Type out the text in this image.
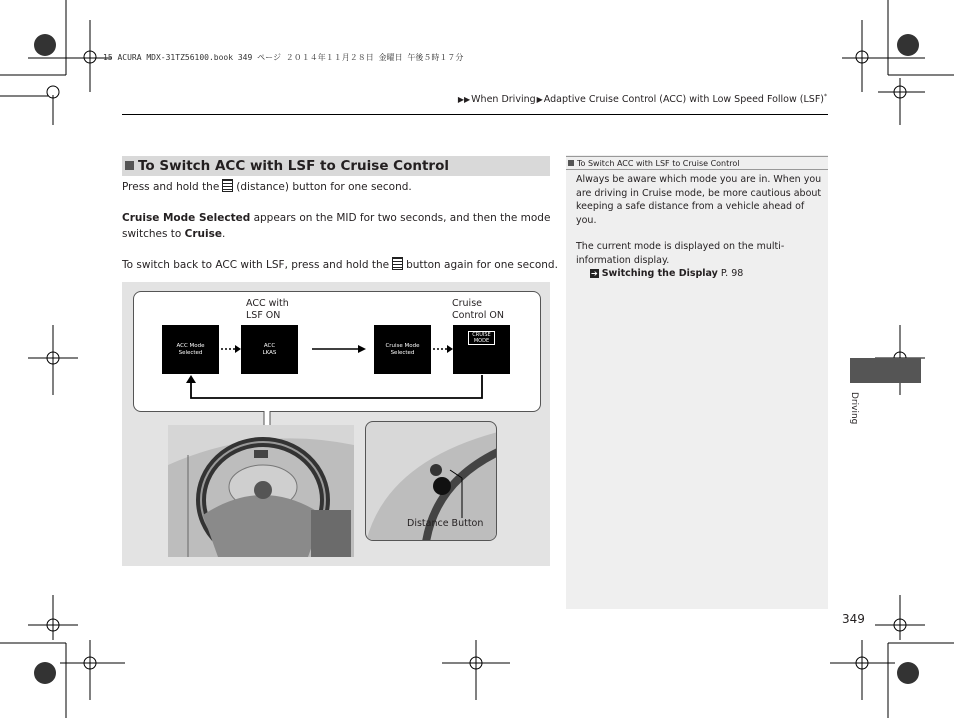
15 ACURA MDX-31TZ56100.book 349 ページ ２０１４年１１月２８日 金曜日 午後５時１７分
▶▶When Driving▶Adaptive Cruise Control (ACC) with Low Speed Follow (LSF)*
To Switch ACC with LSF to Cruise Control
Press and hold the (distance) button for one second.
Cruise Mode Selected appears on the MID for two seconds, and then the mode switches to Cruise.
To switch back to ACC with LSF, press and hold the button again for one second.
ACC with
LSF ON
Cruise
Control ON
ACC Mode
Selected
ACC
LKAS
Cruise Mode
Selected
CRUISE
MODE
Distance Button
To Switch ACC with LSF to Cruise Control
Always be aware which mode you are in. When you are driving in Cruise mode, be more cautious about keeping a safe distance from a vehicle ahead of you.
The current mode is displayed on the multi-information display.
➔ Switching the Display P. 98
Driving
349
